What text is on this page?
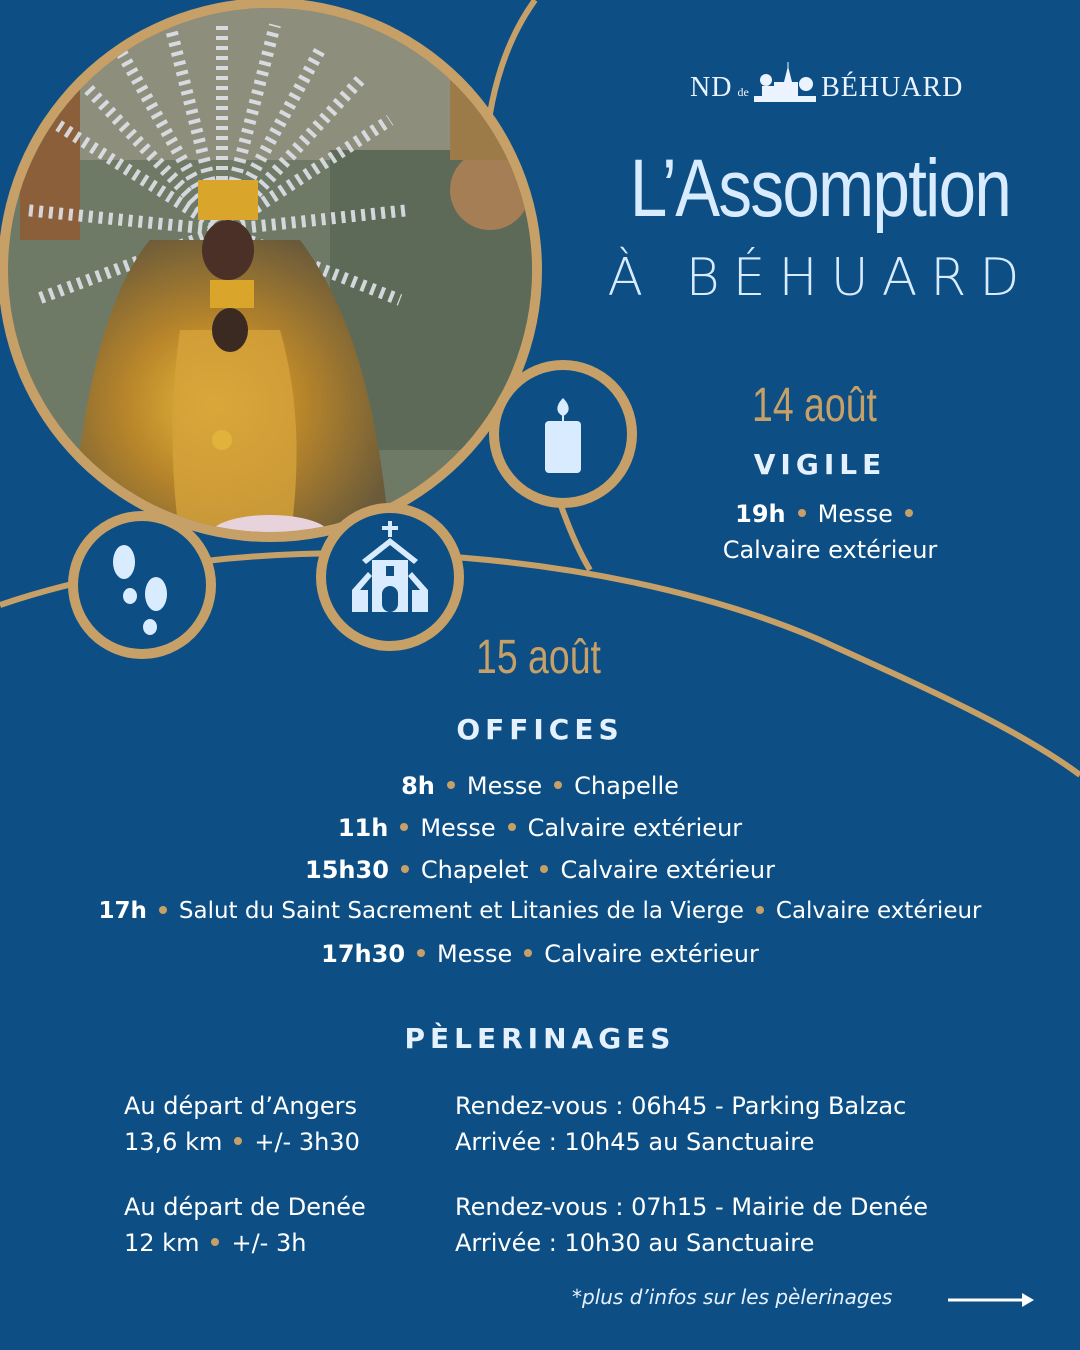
ND de	BÉHUARD
L’Assomption
À BÉHUARD
14 août
VIGILE
19h Messe
Calvaire extérieur
15 août
OFFICES
8h Messe Chapelle
11h Messe Calvaire extérieur
15h30 Chapelet Calvaire extérieur
17h Salut du Saint Sacrement et Litanies de la Vierge Calvaire extérieur
17h30 Messe Calvaire extérieur
PÈLERINAGES
Au départ d’Angers
13,6 km +/- 3h30
Rendez-vous : 06h45 - Parking Balzac
Arrivée : 10h45 au Sanctuaire
Au départ de Denée
12 km +/- 3h
Rendez-vous : 07h15 - Mairie de Denée
Arrivée : 10h30 au Sanctuaire
*plus d’infos sur les pèlerinages
